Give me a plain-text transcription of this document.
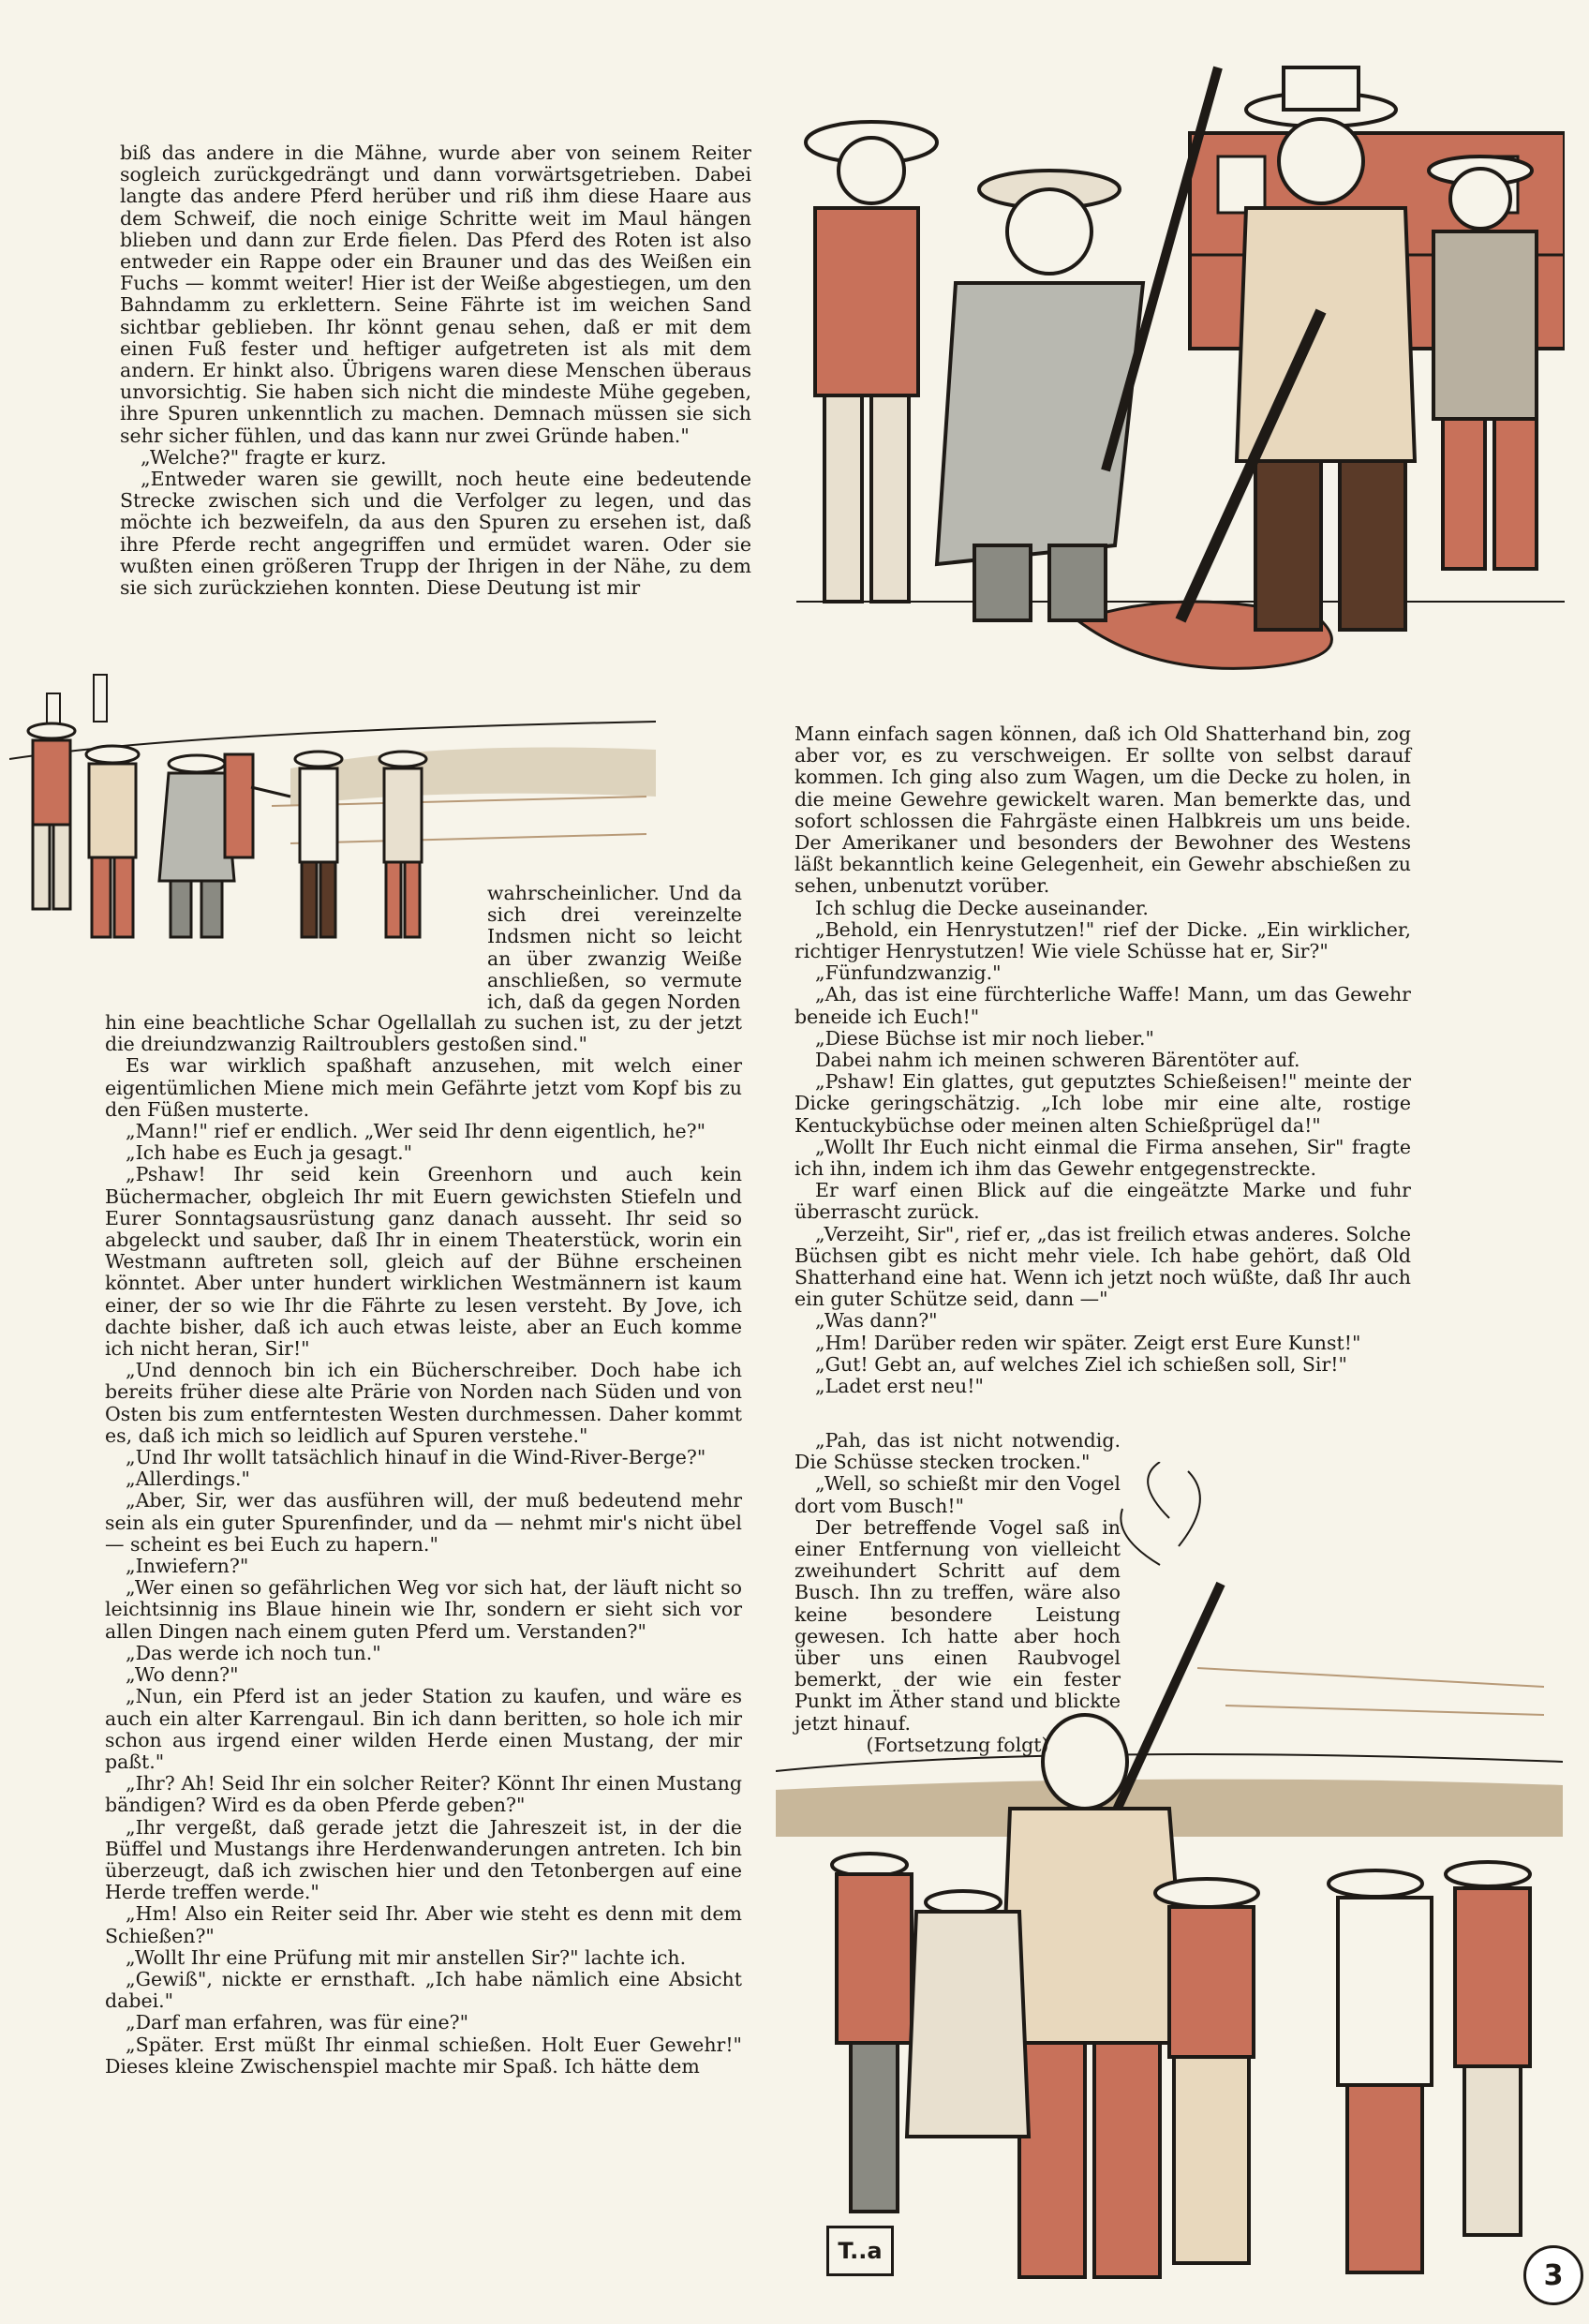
biß das andere in die Mähne, wurde aber von seinem Reiter sogleich zurückgedrängt und dann vorwärtsgetrieben. Dabei langte das andere Pferd herüber und riß ihm diese Haare aus dem Schweif, die noch einige Schritte weit im Maul hängen blieben und dann zur Erde fielen. Das Pferd des Roten ist also entweder ein Rappe oder ein Brauner und das des Weißen ein Fuchs — kommt weiter! Hier ist der Weiße abgestiegen, um den Bahndamm zu erklettern. Seine Fährte ist im weichen Sand sichtbar geblieben. Ihr könnt genau sehen, daß er mit dem einen Fuß fester und heftiger aufgetreten ist als mit dem andern. Er hinkt also. Übrigens waren diese Menschen überaus unvorsichtig. Sie haben sich nicht die mindeste Mühe gegeben, ihre Spuren unkenntlich zu machen. Demnach müssen sie sich sehr sicher fühlen, und das kann nur zwei Gründe haben."

„Welche?" fragte er kurz.

„Entweder waren sie gewillt, noch heute eine bedeutende Strecke zwischen sich und die Verfolger zu legen, und das möchte ich bezweifeln, da aus den Spuren zu ersehen ist, daß ihre Pferde recht angegriffen und ermüdet waren. Oder sie wußten einen größeren Trupp der Ihrigen in der Nähe, zu dem sie sich zurückziehen konnten. Diese Deutung ist mir

wahrscheinlicher. Und da sich drei vereinzelte Indsmen nicht so leicht an über zwanzig Weiße anschließen, so vermute ich, daß da gegen Norden

hin eine beachtliche Schar Ogellallah zu suchen ist, zu der jetzt die dreiundzwanzig Railtroublers gestoßen sind."

Es war wirklich spaßhaft anzusehen, mit welch einer eigentümlichen Miene mich mein Gefährte jetzt vom Kopf bis zu den Füßen musterte.

„Mann!" rief er endlich. „Wer seid Ihr denn eigentlich, he?"

„Ich habe es Euch ja gesagt."

„Pshaw! Ihr seid kein Greenhorn und auch kein Büchermacher, obgleich Ihr mit Euern gewichsten Stiefeln und Eurer Sonntagsausrüstung ganz danach ausseht. Ihr seid so abgeleckt und sauber, daß Ihr in einem Theaterstück, worin ein Westmann auftreten soll, gleich auf der Bühne erscheinen könntet. Aber unter hundert wirklichen Westmännern ist kaum einer, der so wie Ihr die Fährte zu lesen versteht. By Jove, ich dachte bisher, daß ich auch etwas leiste, aber an Euch komme ich nicht heran, Sir!"

„Und dennoch bin ich ein Bücherschreiber. Doch habe ich bereits früher diese alte Prärie von Norden nach Süden und von Osten bis zum entferntesten Westen durchmessen. Daher kommt es, daß ich mich so leidlich auf Spuren verstehe."

„Und Ihr wollt tatsächlich hinauf in die Wind-River-Berge?"

„Allerdings."

„Aber, Sir, wer das ausführen will, der muß bedeutend mehr sein als ein guter Spurenfinder, und da — nehmt mir's nicht übel — scheint es bei Euch zu hapern."

„Inwiefern?"

„Wer einen so gefährlichen Weg vor sich hat, der läuft nicht so leichtsinnig ins Blaue hinein wie Ihr, sondern er sieht sich vor allen Dingen nach einem guten Pferd um. Verstanden?"

„Das werde ich noch tun."

„Wo denn?"

„Nun, ein Pferd ist an jeder Station zu kaufen, und wäre es auch ein alter Karrengaul. Bin ich dann beritten, so hole ich mir schon aus irgend einer wilden Herde einen Mustang, der mir paßt."

„Ihr? Ah! Seid Ihr ein solcher Reiter? Könnt Ihr einen Mustang bändigen? Wird es da oben Pferde geben?"

„Ihr vergeßt, daß gerade jetzt die Jahreszeit ist, in der die Büffel und Mustangs ihre Herdenwanderungen antreten. Ich bin überzeugt, daß ich zwischen hier und den Tetonbergen auf eine Herde treffen werde."

„Hm! Also ein Reiter seid Ihr. Aber wie steht es denn mit dem Schießen?"

„Wollt Ihr eine Prüfung mit mir anstellen Sir?" lachte ich.

„Gewiß", nickte er ernsthaft. „Ich habe nämlich eine Absicht dabei."

„Darf man erfahren, was für eine?"

„Später. Erst müßt Ihr einmal schießen. Holt Euer Gewehr!" Dieses kleine Zwischenspiel machte mir Spaß. Ich hätte dem

Mann einfach sagen können, daß ich Old Shatterhand bin, zog aber vor, es zu verschweigen. Er sollte von selbst darauf kommen. Ich ging also zum Wagen, um die Decke zu holen, in die meine Gewehre gewickelt waren. Man bemerkte das, und sofort schlossen die Fahrgäste einen Halbkreis um uns beide. Der Amerikaner und besonders der Bewohner des Westens läßt bekanntlich keine Gelegenheit, ein Gewehr abschießen zu sehen, unbenutzt vorüber.

Ich schlug die Decke auseinander.

„Behold, ein Henrystutzen!" rief der Dicke. „Ein wirklicher, richtiger Henrystutzen! Wie viele Schüsse hat er, Sir?"

„Fünfundzwanzig."

„Ah, das ist eine fürchterliche Waffe! Mann, um das Gewehr beneide ich Euch!"

„Diese Büchse ist mir noch lieber."

Dabei nahm ich meinen schweren Bärentöter auf.

„Pshaw! Ein glattes, gut geputztes Schießeisen!" meinte der Dicke geringschätzig. „Ich lobe mir eine alte, rostige Kentuckybüchse oder meinen alten Schießprügel da!"

„Wollt Ihr Euch nicht einmal die Firma ansehen, Sir" fragte ich ihn, indem ich ihm das Gewehr entgegenstreckte.

Er warf einen Blick auf die eingeätzte Marke und fuhr überrascht zurück.

„Verzeiht, Sir", rief er, „das ist freilich etwas anderes. Solche Büchsen gibt es nicht mehr viele. Ich habe gehört, daß Old Shatterhand eine hat. Wenn ich jetzt noch wüßte, daß Ihr auch ein guter Schütze seid, dann —"

„Was dann?"

„Hm! Darüber reden wir später. Zeigt erst Eure Kunst!"

„Gut! Gebt an, auf welches Ziel ich schießen soll, Sir!"

„Ladet erst neu!"

„Pah, das ist nicht notwendig. Die Schüsse stecken trocken."

„Well, so schießt mir den Vogel dort vom Busch!"

Der betreffende Vogel saß in einer Entfernung von vielleicht zweihundert Schritt auf dem Busch. Ihn zu treffen, wäre also keine besondere Leistung gewesen. Ich hatte aber hoch über uns einen Raubvogel bemerkt, der wie ein fester Punkt im Äther stand und blickte jetzt hinauf.

(Fortsetzung folgt)

T..a
3
